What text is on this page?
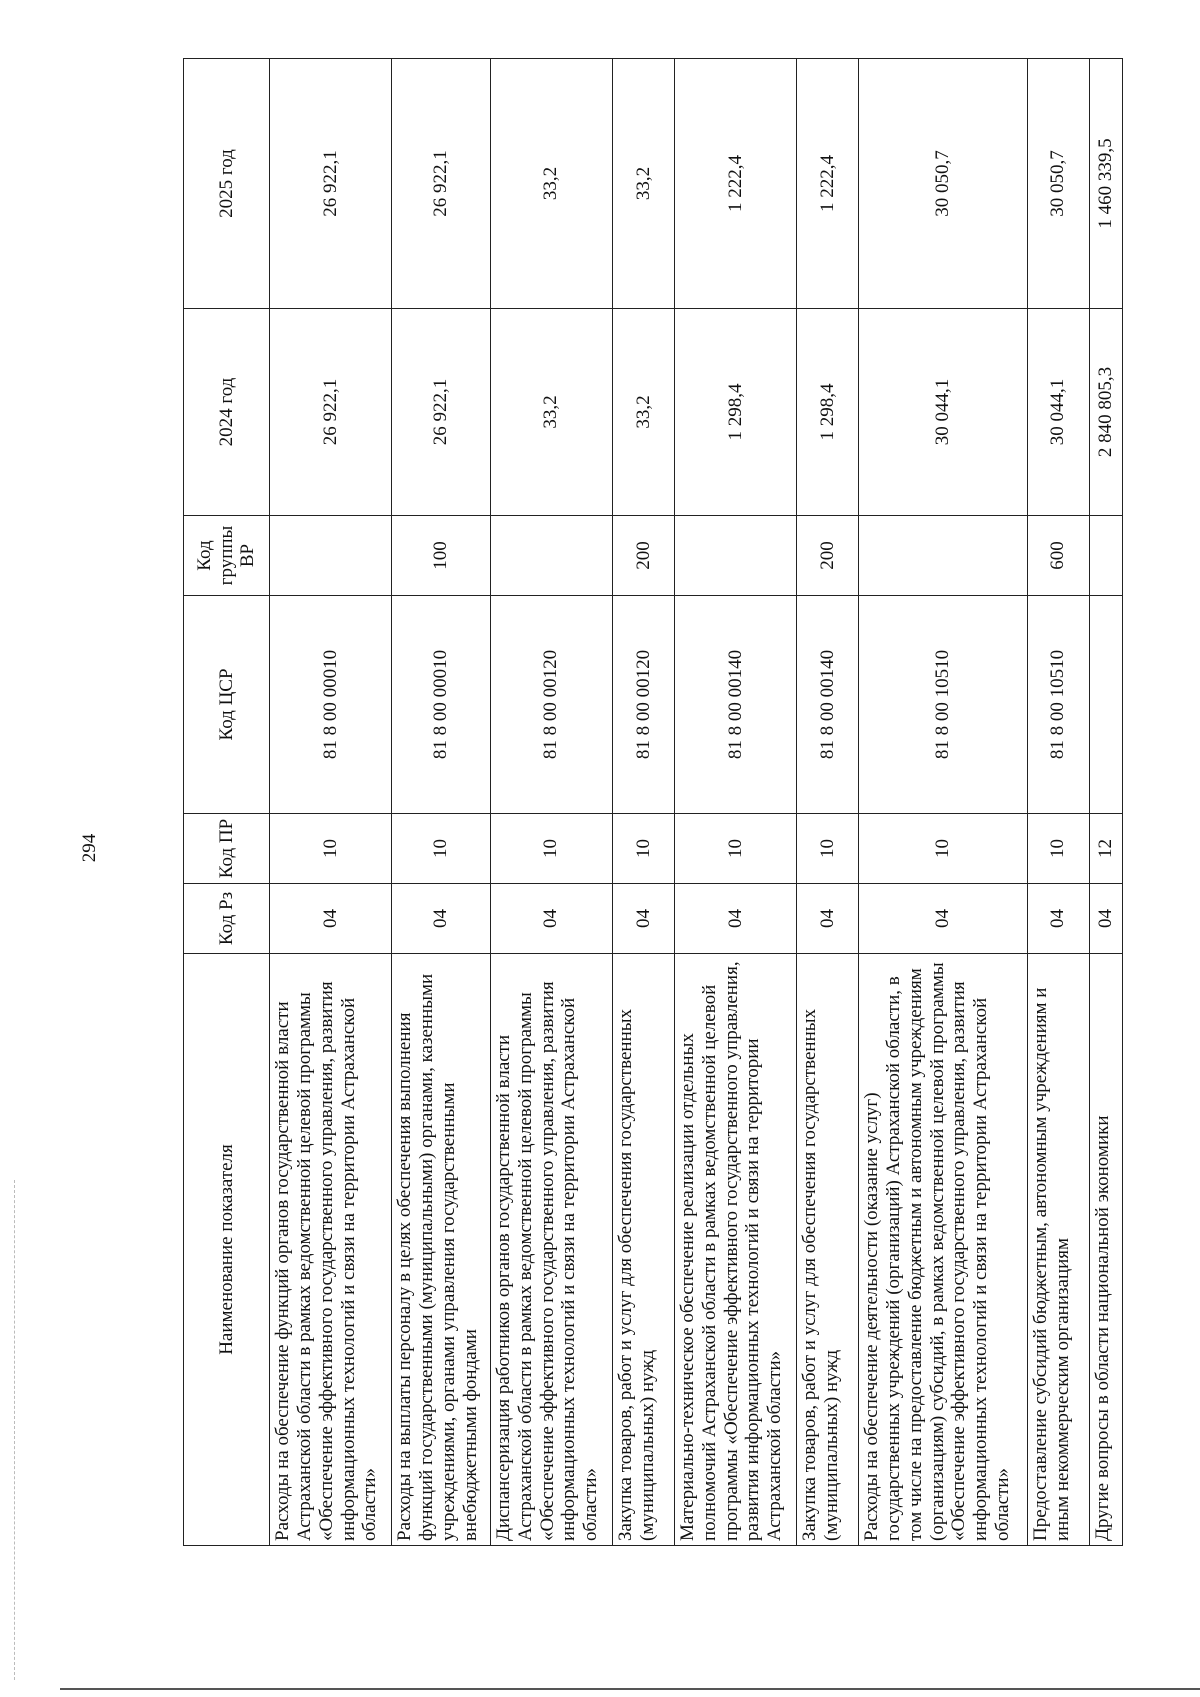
294
Наименование показателя	Код Рз	Код ПР	Код ЦСР	Код группы ВР	2024 год	2025 год
Расходы на обеспечение функций органов государственной власти Астраханской области в рамках ведомственной целевой программы «Обеспечение эффективного государственного управления, развития информационных технологий и связи на территории Астраханской области»	04	10	81 8 00 00010		26 922,1	26 922,1
Расходы на выплаты персоналу в целях обеспечения выполнения функций государственными (муниципальными) органами, казенными учреждениями, органами управления государственными внебюджетными фондами	04	10	81 8 00 00010	100	26 922,1	26 922,1
Диспансеризация работников органов государственной власти Астраханской области в рамках ведомственной целевой программы «Обеспечение эффективного государственного управления, развития информационных технологий и связи на территории Астраханской области»	04	10	81 8 00 00120		33,2	33,2
Закупка товаров, работ и услуг для обеспечения государственных (муниципальных) нужд	04	10	81 8 00 00120	200	33,2	33,2
Материально-техническое обеспечение реализации отдельных полномочий Астраханской области в рамках ведомственной целевой программы «Обеспечение эффективного государственного управления, развития информационных технологий и связи на территории Астраханской области»	04	10	81 8 00 00140		1 298,4	1 222,4
Закупка товаров, работ и услуг для обеспечения государственных (муниципальных) нужд	04	10	81 8 00 00140	200	1 298,4	1 222,4
Расходы на обеспечение деятельности (оказание услуг) государственных учреждений (организаций) Астраханской области, в том числе на предоставление бюджетным и автономным учреждениям (организациям) субсидий, в рамках ведомственной целевой программы «Обеспечение эффективного государственного управления, развития информационных технологий и связи на территории Астраханской области»	04	10	81 8 00 10510		30 044,1	30 050,7
Предоставление субсидий бюджетным, автономным учреждениям и иным некоммерческим организациям	04	10	81 8 00 10510	600	30 044,1	30 050,7
Другие вопросы в области национальной экономики	04	12			2 840 805,3	1 460 339,5
